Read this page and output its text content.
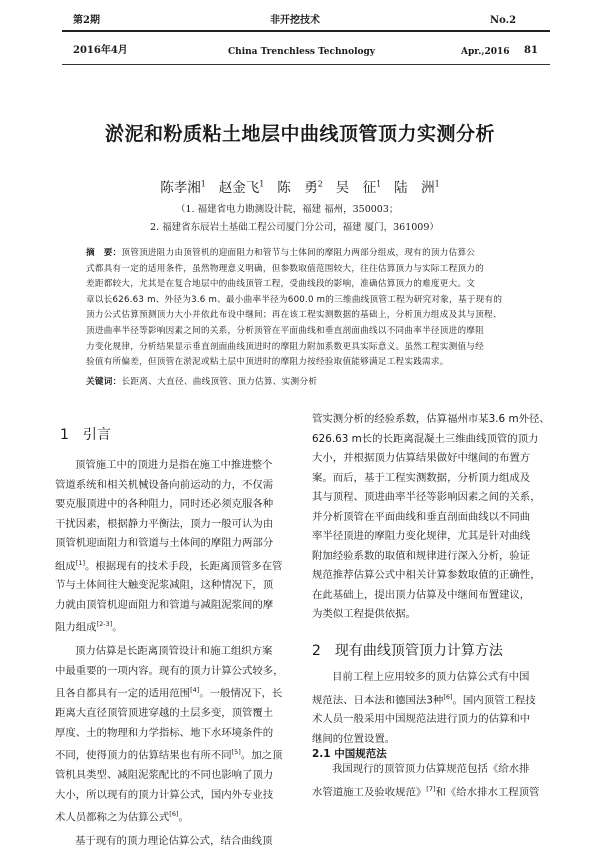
第2期	非开挖技术	No.2
2016年4月	China Trenchless Technology	Apr.,2016 81
淤泥和粉质粘土地层中曲线顶管顶力实测分析
陈孝湘$^1$ 赵金飞$^1$ 陈　勇$^2$ 吴　征$^1$ 陆　洲$^1$
（1. 福建省电力勘测设计院，福建 福州，350003；
2. 福建省东辰岩土基础工程公司厦门分公司，福建 厦门，361009）

摘　要：顶管顶进阻力由顶管机的迎面阻力和管节与土体间的摩阻力两部分组成，现有的顶力估算公

式都具有一定的适用条件，虽然物理意义明确，但参数取值范围较大，往往估算顶力与实际工程顶力的

差距都较大，尤其是在复合地层中的曲线顶管工程，受曲线段的影响，准确估算顶力的难度更大。文

章以长626.63 m、外径为3.6 m、最小曲率半径为600.0 m的三维曲线顶管工程为研究对象，基于现有的

顶力公式估算预测顶力大小并依此布设中继间；再在该工程实测数据的基础上，分析顶力组成及其与顶程、

顶进曲率半径等影响因素之间的关系，分析顶管在平面曲线和垂直剖面曲线以不同曲率半径顶进的摩阻

力变化规律，分析结果显示垂直剖面曲线顶进时的摩阻力附加系数更具实际意义。虽然工程实测值与经

验值有所偏差，但顶管在淤泥或粘土层中顶进时的摩阻力按经验取值能够满足工程实践需求。

关键词：长距离、大直径、曲线顶管、顶力估算、实测分析
1　引言

顶管施工中的顶进力是指在施工中推进整个

管道系统和相关机械设备向前运动的力，不仅需

要克服顶进中的各种阻力，同时还必须克服各种

干扰因素，根据静力平衡法，顶力一般可认为由

顶管机迎面阻力和管道与土体间的摩阻力两部分

组成[1]。根据现有的技术手段，长距离顶管多在管

节与土体间往大触变泥浆减阻，这种情况下，顶

力就由顶管机迎面阻力和管道与减阻泥浆间的摩

阻力组成[2-3]。

顶力估算是长距离顶管设计和施工组织方案

中最重要的一项内容。现有的顶力计算公式较多，

且各自都具有一定的适用范围[4]。一般情况下，长

距离大直径顶管顶进穿越的土层多变，顶管覆土

厚度、土的物理和力学指标、地下水环境条件的

不同，使得顶力的估算结果也有所不同[5]。加之顶

管机具类型、减阻泥浆配比的不同也影响了顶力

大小，所以现有的顶力计算公式，国内外专业技

术人员都称之为估算公式[6]。

基于现有的顶力理论估算公式，结合曲线顶

管实测分析的经验系数，估算福州市某3.6 m外径、

626.63 m长的长距离混凝土三维曲线顶管的顶力

大小，并根据顶力估算结果做好中继间的布置方

案。而后，基于工程实测数据，分析顶力组成及

其与顶程、顶进曲率半径等影响因素之间的关系，

并分析顶管在平面曲线和垂直剖面曲线以不同曲

率半径顶进的摩阻力变化规律，尤其是针对曲线

附加经验系数的取值和规律进行深入分析，验证

规范推荐估算公式中相关计算参数取值的正确性，

在此基础上，提出顶力估算及中继间布置建议，

为类似工程提供依据。

2　现有曲线顶管顶力计算方法

目前工程上应用较多的顶力估算公式有中国

规范法、日本法和德国法3种[6]。国内顶管工程技

术人员一般采用中国规范法进行顶力的估算和中

继间的位置设置。

2.1 中国规范法

我国现行的顶管顶力估算规范包括《给水排

水管道施工及验收规范》[7]和《给水排水工程顶管
